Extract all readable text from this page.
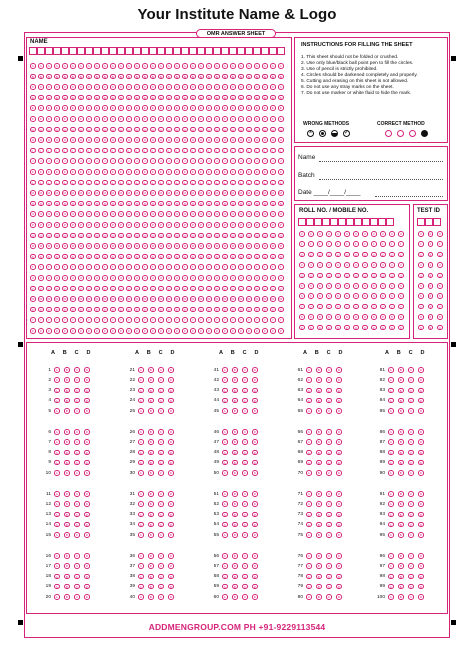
Your Institute Name & Logo
OMR ANSWER SHEET
NAME
A	A	A	A	A	A	A	A	A	A	A	A	A	A	A	A	A	A	A	A	A	A	A	A	A	A	A	A	A	A	A	A
B	B	B	B	B	B	B	B	B	B	B	B	B	B	B	B	B	B	B	B	B	B	B	B	B	B	B	B	B	B	B	B
C	C	C	C	C	C	C	C	C	C	C	C	C	C	C	C	C	C	C	C	C	C	C	C	C	C	C	C	C	C	C	C
D	D	D	D	D	D	D	D	D	D	D	D	D	D	D	D	D	D	D	D	D	D	D	D	D	D	D	D	D	D	D	D
E	E	E	E	E	E	E	E	E	E	E	E	E	E	E	E	E	E	E	E	E	E	E	E	E	E	E	E	E	E	E	E
F	F	F	F	F	F	F	F	F	F	F	F	F	F	F	F	F	F	F	F	F	F	F	F	F	F	F	F	F	F	F	F
G	G	G	G	G	G	G	G	G	G	G	G	G	G	G	G	G	G	G	G	G	G	G	G	G	G	G	G	G	G	G	G
H	H	H	H	H	H	H	H	H	H	H	H	H	H	H	H	H	H	H	H	H	H	H	H	H	H	H	H	H	H	H	H
I	I	I	I	I	I	I	I	I	I	I	I	I	I	I	I	I	I	I	I	I	I	I	I	I	I	I	I	I	I	I	I
J	J	J	J	J	J	J	J	J	J	J	J	J	J	J	J	J	J	J	J	J	J	J	J	J	J	J	J	J	J	J	J
K	K	K	K	K	K	K	K	K	K	K	K	K	K	K	K	K	K	K	K	K	K	K	K	K	K	K	K	K	K	K	K
L	L	L	L	L	L	L	L	L	L	L	L	L	L	L	L	L	L	L	L	L	L	L	L	L	L	L	L	L	L	L	L
M	M	M	M	M	M	M	M	M	M	M	M	M	M	M	M	M	M	M	M	M	M	M	M	M	M	M	M	M	M	M	M
N	N	N	N	N	N	N	N	N	N	N	N	N	N	N	N	N	N	N	N	N	N	N	N	N	N	N	N	N	N	N	N
O	O	O	O	O	O	O	O	O	O	O	O	O	O	O	O	O	O	O	O	O	O	O	O	O	O	O	O	O	O	O	O
P	P	P	P	P	P	P	P	P	P	P	P	P	P	P	P	P	P	P	P	P	P	P	P	P	P	P	P	P	P	P	P
Q	Q	Q	Q	Q	Q	Q	Q	Q	Q	Q	Q	Q	Q	Q	Q	Q	Q	Q	Q	Q	Q	Q	Q	Q	Q	Q	Q	Q	Q	Q	Q
R	R	R	R	R	R	R	R	R	R	R	R	R	R	R	R	R	R	R	R	R	R	R	R	R	R	R	R	R	R	R	R
S	S	S	S	S	S	S	S	S	S	S	S	S	S	S	S	S	S	S	S	S	S	S	S	S	S	S	S	S	S	S	S
T	T	T	T	T	T	T	T	T	T	T	T	T	T	T	T	T	T	T	T	T	T	T	T	T	T	T	T	T	T	T	T
U	U	U	U	U	U	U	U	U	U	U	U	U	U	U	U	U	U	U	U	U	U	U	U	U	U	U	U	U	U	U	U
V	V	V	V	V	V	V	V	V	V	V	V	V	V	V	V	V	V	V	V	V	V	V	V	V	V	V	V	V	V	V	V
W	W	W	W	W	W	W	W	W	W	W	W	W	W	W	W	W	W	W	W	W	W	W	W	W	W	W	W	W	W	W	W
X	X	X	X	X	X	X	X	X	X	X	X	X	X	X	X	X	X	X	X	X	X	X	X	X	X	X	X	X	X	X	X
Y	Y	Y	Y	Y	Y	Y	Y	Y	Y	Y	Y	Y	Y	Y	Y	Y	Y	Y	Y	Y	Y	Y	Y	Y	Y	Y	Y	Y	Y	Y	Y
Z	Z	Z	Z	Z	Z	Z	Z	Z	Z	Z	Z	Z	Z	Z	Z	Z	Z	Z	Z	Z	Z	Z	Z	Z	Z	Z	Z	Z	Z	Z	Z
INSTRUCTIONS FOR FILLING THE SHEET
1. This sheet should not be folded or crushed.
2. Use only blue/black ball point pen to fill the circles.
3. Use of pencil is strictly prohibited.
4. Circles should be darkened completely and properly.
5. Cutting and erasing on this sheet is not allowed.
6. Do not use any stray marks on the sheet.
7. Do not use marker or white fluid to hide the mark.
WRONG METHODS	CORRECT METHOD
×	✓
Name
Batch
Date ____/____/____
ROLL NO. / MOBILE NO.
0	0	0	0	0	0	0	0	0	0	0	0
1	1	1	1	1	1	1	1	1	1	1	1
2	2	2	2	2	2	2	2	2	2	2	2
3	3	3	3	3	3	3	3	3	3	3	3
4	4	4	4	4	4	4	4	4	4	4	4
5	5	5	5	5	5	5	5	5	5	5	5
6	6	6	6	6	6	6	6	6	6	6	6
7	7	7	7	7	7	7	7	7	7	7	7
8	8	8	8	8	8	8	8	8	8	8	8
9	9	9	9	9	9	9	9	9	9	9	9
TEST ID
0	0	0
1	1	1
2	2	2
3	3	3
4	4	4
5	5	5
6	6	6
7	7	7
8	8	8
9	9	9
A B C D	A B C D	A B C D	A B C D	A B C D
1	A	B	C	D
2	A	B	C	D
3	A	B	C	D
4	A	B	C	D
5	A	B	C	D
6	A	B	C	D
7	A	B	C	D
8	A	B	C	D
9	A	B	C	D
10	A	B	C	D
11	A	B	C	D
12	A	B	C	D
13	A	B	C	D
14	A	B	C	D
15	A	B	C	D
16	A	B	C	D
17	A	B	C	D
18	A	B	C	D
19	A	B	C	D
20	A	B	C	D
21	A	B	C	D
22	A	B	C	D
23	A	B	C	D
24	A	B	C	D
25	A	B	C	D
26	A	B	C	D
27	A	B	C	D
28	A	B	C	D
29	A	B	C	D
30	A	B	C	D
31	A	B	C	D
32	A	B	C	D
33	A	B	C	D
34	A	B	C	D
35	A	B	C	D
36	A	B	C	D
37	A	B	C	D
38	A	B	C	D
39	A	B	C	D
40	A	B	C	D
41	A	B	C	D
42	A	B	C	D
43	A	B	C	D
44	A	B	C	D
45	A	B	C	D
46	A	B	C	D
47	A	B	C	D
48	A	B	C	D
49	A	B	C	D
50	A	B	C	D
51	A	B	C	D
52	A	B	C	D
53	A	B	C	D
54	A	B	C	D
55	A	B	C	D
56	A	B	C	D
57	A	B	C	D
58	A	B	C	D
59	A	B	C	D
60	A	B	C	D
61	A	B	C	D
62	A	B	C	D
63	A	B	C	D
64	A	B	C	D
65	A	B	C	D
66	A	B	C	D
67	A	B	C	D
68	A	B	C	D
69	A	B	C	D
70	A	B	C	D
71	A	B	C	D
72	A	B	C	D
73	A	B	C	D
74	A	B	C	D
75	A	B	C	D
76	A	B	C	D
77	A	B	C	D
78	A	B	C	D
79	A	B	C	D
80	A	B	C	D
81	A	B	C	D
82	A	B	C	D
83	A	B	C	D
84	A	B	C	D
85	A	B	C	D
86	A	B	C	D
87	A	B	C	D
88	A	B	C	D
89	A	B	C	D
90	A	B	C	D
91	A	B	C	D
92	A	B	C	D
93	A	B	C	D
94	A	B	C	D
95	A	B	C	D
96	A	B	C	D
97	A	B	C	D
98	A	B	C	D
99	A	B	C	D
100	A	B	C	D
ADDMENGROUP.COM PH +91-9229113544
